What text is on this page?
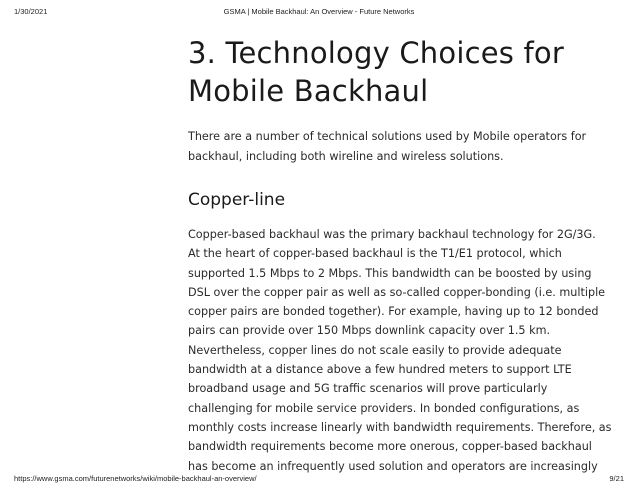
1/30/2021	GSMA | Mobile Backhaul: An Overview - Future Networks
3. Technology Choices for
Mobile Backhaul

There are a number of technical solutions used by Mobile operators for
backhaul, including both wireline and wireless solutions.

Copper-line

Copper-based backhaul was the primary backhaul technology for 2G/3G.
At the heart of copper-based backhaul is the T1/E1 protocol, which
supported 1.5 Mbps to 2 Mbps. This bandwidth can be boosted by using
DSL over the copper pair as well as so-called copper-bonding (i.e. multiple
copper pairs are bonded together). For example, having up to 12 bonded
pairs can provide over 150 Mbps downlink capacity over 1.5 km.
Nevertheless, copper lines do not scale easily to provide adequate
bandwidth at a distance above a few hundred meters to support LTE
broadband usage and 5G traffic scenarios will prove particularly
challenging for mobile service providers. In bonded configurations, as
monthly costs increase linearly with bandwidth requirements. Therefore, as
bandwidth requirements become more onerous, copper-based backhaul
has become an infrequently used solution and operators are increasingly

https://www.gsma.com/futurenetworks/wiki/mobile-backhaul-an-overview/	9/21
